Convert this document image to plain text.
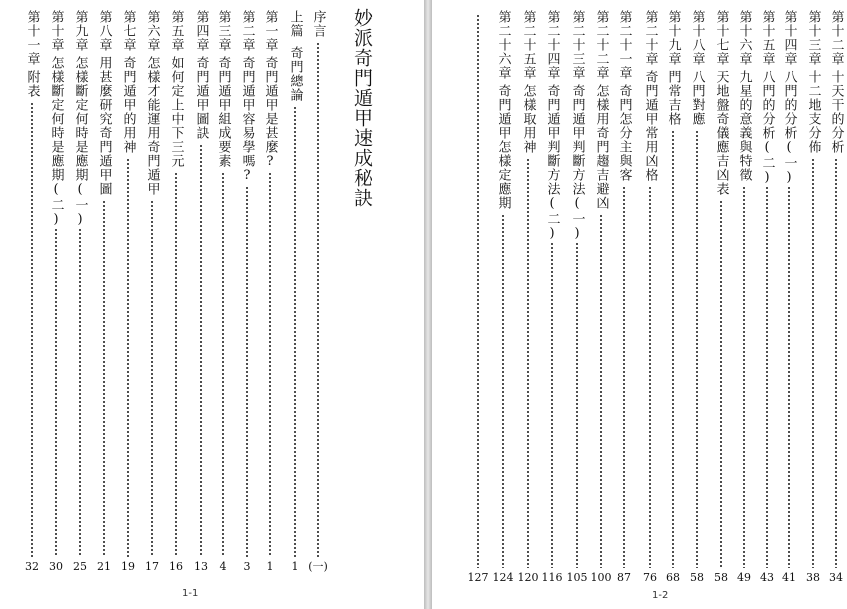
妙派奇門遁甲速成秘訣
序言
(一)
上篇
奇門總論
1
第一章
奇門遁甲是甚麼?
1
第二章
奇門遁甲容易學嗎?
3
第三章
奇門遁甲組成要素
4
第四章
奇門遁甲圖訣
13
第五章
如何定上中下三元
16
第六章
怎樣才能運用奇門遁甲
17
第七章
奇門遁甲的用神
19
第八章
用甚麼研究奇門遁甲圖
21
第九章
怎樣斷定何時是應期(一)
25
第十章
怎樣斷定何時是應期(二)
30
第十一章
附表
32
1-1
第十二章
十天干的分析
34
第十三章
十二地支分佈
38
第十四章
八門的分析(一)
41
第十五章
八門的分析(二)
43
第十六章
九星的意義與特徵
49
第十七章
天地盤奇儀應吉凶表
58
第十八章
八門對應
58
第十九章
門常吉格
68
第二十章
奇門遁甲常用凶格
76
第二十一章
奇門怎分主與客
87
第二十二章
怎樣用奇門趨吉避凶
100
第二十三章
奇門遁甲判斷方法(一)
105
第二十四章
奇門遁甲判斷方法(二)
116
第二十五章
怎樣取用神
120
第二十六章
奇門遁甲怎樣定應期
124
127
1-2
